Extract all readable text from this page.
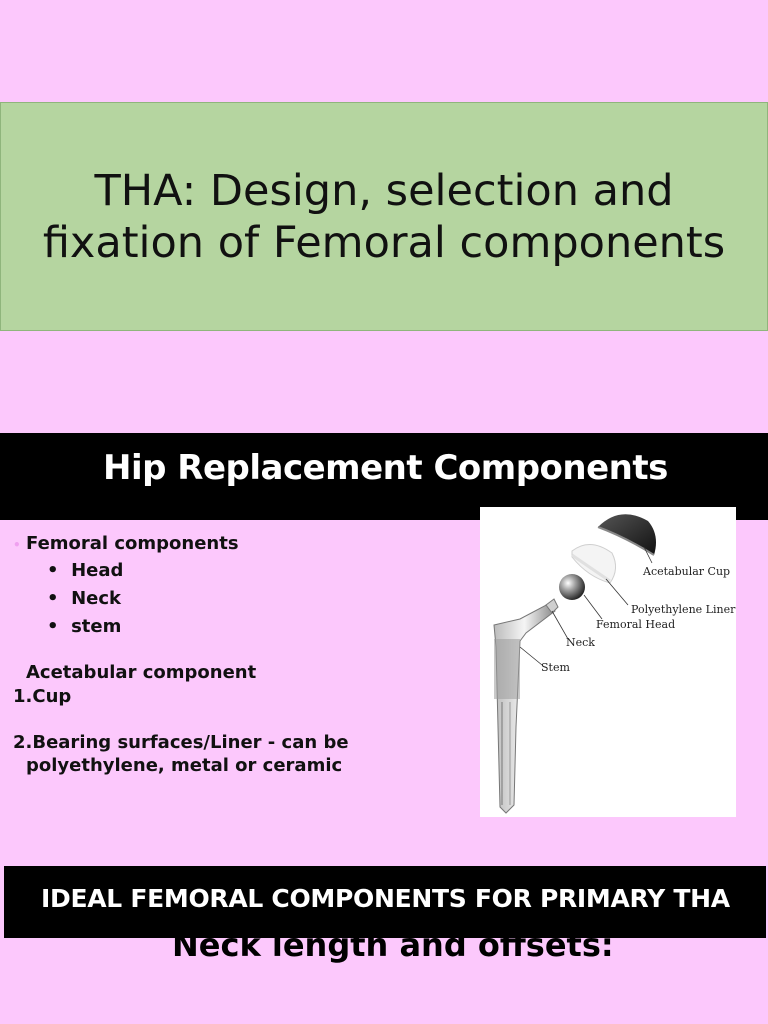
THA: Design, selection and
fixation of Femoral components
Hip Replacement Components
• Femoral components
• Head
• Neck
• stem
Acetabular component
1.Cup
2.Bearing surfaces/Liner - can be
polyethylene, metal or ceramic
Acetabular Cup
Polyethylene Liner
Femoral Head
Neck
Stem
IDEAL FEMORAL COMPONENTS FOR PRIMARY THA
Neck length and offsets:
